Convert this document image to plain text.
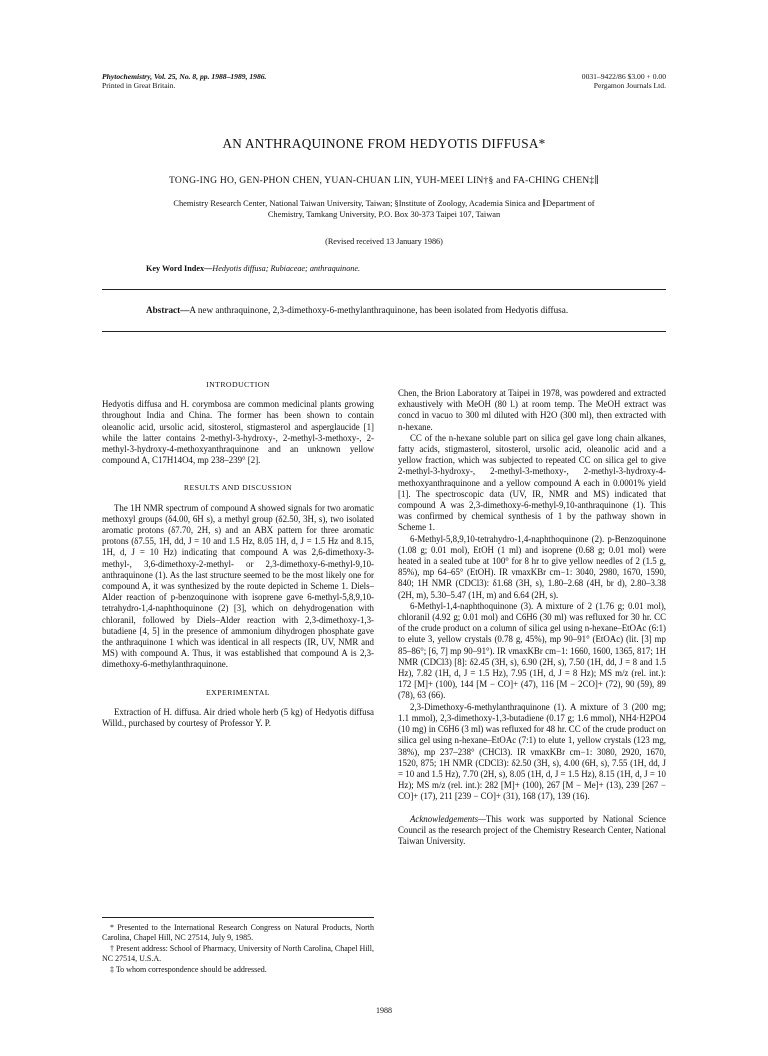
Phytochemistry, Vol. 25, No. 8, pp. 1988–1989, 1986.
Printed in Great Britain.
0031–9422/86 $3.00 + 0.00
Pergamon Journals Ltd.
AN ANTHRAQUINONE FROM HEDYOTIS DIFFUSA*
TONG-ING HO, GEN-PHON CHEN, YUAN-CHUAN LIN, YUH-MEEI LIN†§ and FA-CHING CHEN‡∥
Chemistry Research Center, National Taiwan University, Taiwan; §Institute of Zoology, Academia Sinica and ∥Department of
Chemistry, Tamkang University, P.O. Box 30-373 Taipei 107, Taiwan
(Revised received 13 January 1986)
Key Word Index—Hedyotis diffusa; Rubiaceae; anthraquinone.
Abstract—A new anthraquinone, 2,3-dimethoxy-6-methylanthraquinone, has been isolated from Hedyotis diffusa.
INTRODUCTION

Hedyotis diffusa and H. corymbosa are common medicinal plants growing throughout India and China. The former has been shown to contain oleanolic acid, ursolic acid, sitosterol, stigmasterol and asperglaucide [1] while the latter contains 2-methyl-3-hydroxy-, 2-methyl-3-methoxy-, 2-methyl-3-hydroxy-4-methoxyanthraquinone and an unknown yellow compound A, C17H14O4, mp 238–239° [2].

RESULTS AND DISCUSSION

The 1H NMR spectrum of compound A showed signals for two aromatic methoxyl groups (δ4.00, 6H s), a methyl group (δ2.50, 3H, s), two isolated aromatic protons (δ7.70, 2H, s) and an ABX pattern for three aromatic protons (δ7.55, 1H, dd, J = 10 and 1.5 Hz, 8.05 1H, d, J = 1.5 Hz and 8.15, 1H, d, J = 10 Hz) indicating that compound A was 2,6-dimethoxy-3-methyl-, 3,6-dimethoxy-2-methyl- or 2,3-dimethoxy-6-methyl-9,10-anthraquinone (1). As the last structure seemed to be the most likely one for compound A, it was synthesized by the route depicted in Scheme 1. Diels–Alder reaction of p-benzoquinone with isoprene gave 6-methyl-5,8,9,10-tetrahydro-1,4-naphthoquinone (2) [3], which on dehydrogenation with chloranil, followed by Diels–Alder reaction with 2,3-dimethoxy-1,3-butadiene [4, 5] in the presence of ammonium dihydrogen phosphate gave the anthraquinone 1 which was identical in all respects (IR, UV, NMR and MS) with compound A. Thus, it was established that compound A is 2,3-dimethoxy-6-methylanthraquinone.

EXPERIMENTAL

Extraction of H. diffusa. Air dried whole herb (5 kg) of Hedyotis diffusa Willd., purchased by courtesy of Professor Y. P.

Chen, the Brion Laboratory at Taipei in 1978, was powdered and extracted exhaustively with MeOH (80 l.) at room temp. The MeOH extract was concd in vacuo to 300 ml diluted with H2O (300 ml), then extracted with n-hexane.

CC of the n-hexane soluble part on silica gel gave long chain alkanes, fatty acids, stigmasterol, sitosterol, ursolic acid, oleanolic acid and a yellow fraction, which was subjected to repeated CC on silica gel to give 2-methyl-3-hydroxy-, 2-methyl-3-methoxy-, 2-methyl-3-hydroxy-4-methoxyanthraquinone and a yellow compound A each in 0.0001% yield [1]. The spectroscopic data (UV, IR, NMR and MS) indicated that compound A was 2,3-dimethoxy-6-methyl-9,10-anthraquinone (1). This was confirmed by chemical synthesis of 1 by the pathway shown in Scheme 1.

6-Methyl-5,8,9,10-tetrahydro-1,4-naphthoquinone (2). p-Benzoquinone (1.08 g; 0.01 mol), EtOH (1 ml) and isoprene (0.68 g; 0.01 mol) were heated in a sealed tube at 100° for 8 hr to give yellow needles of 2 (1.5 g, 85%), mp 64–65° (EtOH). IR νmaxKBr cm−1: 3040, 2980, 1670, 1590, 840; 1H NMR (CDCl3): δ1.68 (3H, s), 1.80–2.68 (4H, br d), 2.80–3.38 (2H, m), 5.30–5.47 (1H, m) and 6.64 (2H, s).

6-Methyl-1,4-naphthoquinone (3). A mixture of 2 (1.76 g; 0.01 mol), chloranil (4.92 g; 0.01 mol) and C6H6 (30 ml) was refluxed for 30 hr. CC of the crude product on a column of silica gel using n-hexane–EtOAc (6:1) to elute 3, yellow crystals (0.78 g, 45%), mp 90–91° (EtOAc) (lit. [3] mp 85–86°; [6, 7] mp 90–91°). IR νmaxKBr cm−1: 1660, 1600, 1365, 817; 1H NMR (CDCl3) [8]: δ2.45 (3H, s), 6.90 (2H, s), 7.50 (1H, dd, J = 8 and 1.5 Hz), 7.82 (1H, d, J = 1.5 Hz), 7.95 (1H, d, J = 8 Hz); MS m/z (rel. int.): 172 [M]+ (100), 144 [M − CO]+ (47), 116 [M − 2CO]+ (72), 90 (59), 89 (78), 63 (66).

2,3-Dimethoxy-6-methylanthraquinone (1). A mixture of 3 (200 mg; 1.1 mmol), 2,3-dimethoxy-1,3-butadiene (0.17 g; 1.6 mmol), NH4·H2PO4 (10 mg) in C6H6 (3 ml) was refluxed for 48 hr. CC of the crude product on silica gel using n-hexane–EtOAc (7:1) to elute 1, yellow crystals (123 mg, 38%), mp 237–238° (CHCl3). IR νmaxKBr cm−1: 3080, 2920, 1670, 1520, 875; 1H NMR (CDCl3): δ2.50 (3H, s), 4.00 (6H, s), 7.55 (1H, dd, J = 10 and 1.5 Hz), 7.70 (2H, s), 8.05 (1H, d, J = 1.5 Hz), 8.15 (1H, d, J = 10 Hz); MS m/z (rel. int.): 282 [M]+ (100), 267 [M − Me]+ (13), 239 [267 − CO]+ (17), 211 [239 − CO]+ (31), 168 (17), 139 (16).

Acknowledgements—This work was supported by National Science Council as the research project of the Chemistry Research Center, National Taiwan University.

* Presented to the International Research Congress on Natural Products, North Carolina, Chapel Hill, NC 27514, July 9, 1985.

† Present address: School of Pharmacy, University of North Carolina, Chapel Hill, NC 27514, U.S.A.

‡ To whom correspondence should be addressed.

1988
